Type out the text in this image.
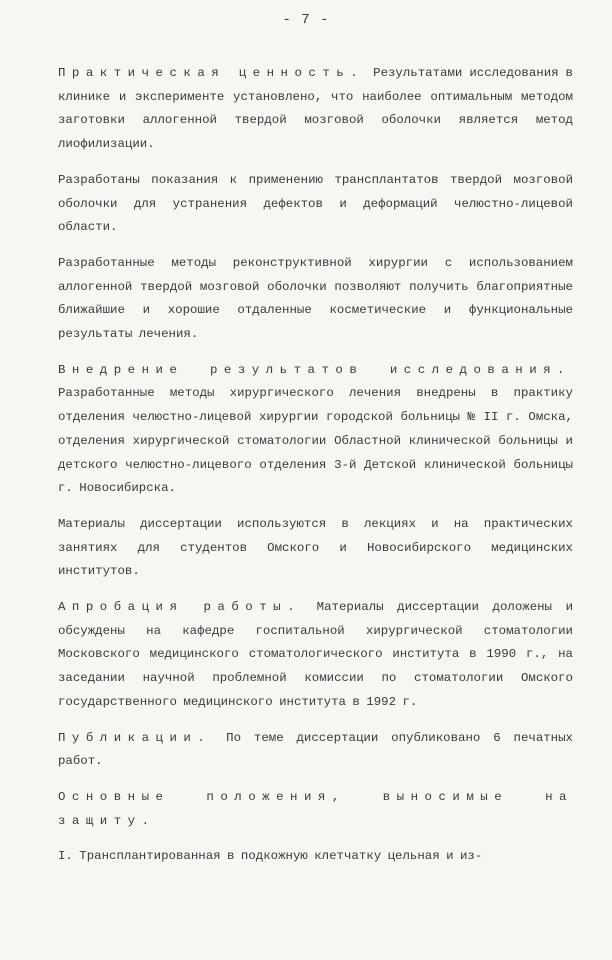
- 7 -

Практическая ценность. Результатами исследования в клинике и эксперименте установлено, что наиболее оптимальным методом заготовки аллогенной твердой мозговой оболочки является метод лиофилизации.

Разработаны показания к применению трансплантатов твердой мозговой оболочки для устранения дефектов и деформаций челюстно-лицевой области.

Разработанные методы реконструктивной хирургии с использованием аллогенной твердой мозговой оболочки позволяют получить благоприятные ближайшие и хорошие отдаленные косметические и функциональные результаты лечения.

Внедрение результатов исследования. Разработанные методы хирургического лечения внедрены в практику отделения челюстно-лицевой хирургии городской больницы № II г. Омска, отделения хирургической стоматологии Областной клинической больницы и детского челюстно-лицевого отделения 3-й Детской клинической больницы г. Новосибирска.

Материалы диссертации используются в лекциях и на практических занятиях для студентов Омского и Новосибирского медицинских институтов.

Апробация работы. Материалы диссертации доложены и обсуждены на кафедре госпитальной хирургической стоматологии Московского медицинского стоматологического института в 1990 г., на заседании научной проблемной комиссии по стоматологии Омского государственного медицинского института в 1992 г.

Публикации. По теме диссертации опубликовано 6 печатных работ.

Основные положения, выносимые на защиту.

I. Трансплантированная в подкожную клетчатку цельная и из-
